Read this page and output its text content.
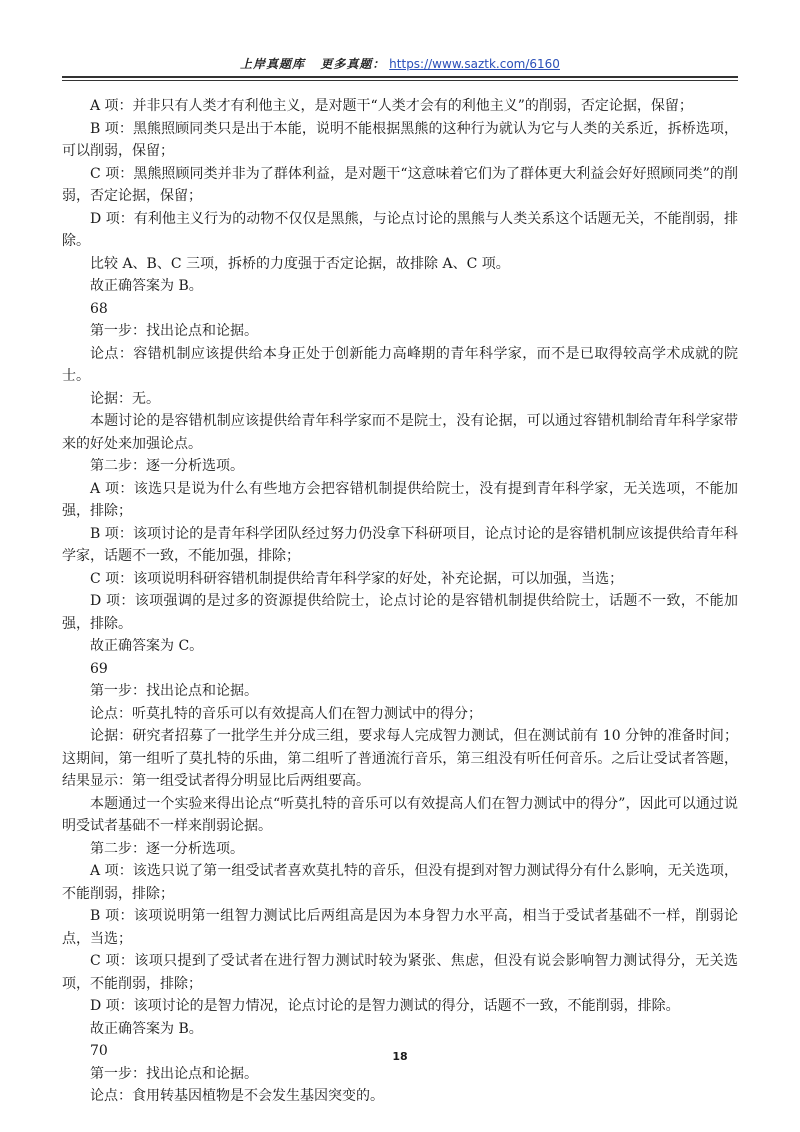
上岸真题库 更多真题： https://www.saztk.com/6160

A 项：并非只有人类才有利他主义，是对题干“人类才会有的利他主义”的削弱，否定论据，保留；

B 项：黑熊照顾同类只是出于本能，说明不能根据黑熊的这种行为就认为它与人类的关系近，拆桥选项，可以削弱，保留；

C 项：黑熊照顾同类并非为了群体利益，是对题干“这意味着它们为了群体更大利益会好好照顾同类”的削弱，否定论据，保留；

D 项：有利他主义行为的动物不仅仅是黑熊，与论点讨论的黑熊与人类关系这个话题无关，不能削弱，排除。

比较 A、B、C 三项，拆桥的力度强于否定论据，故排除 A、C 项。

故正确答案为 B。

68

第一步：找出论点和论据。

论点：容错机制应该提供给本身正处于创新能力高峰期的青年科学家，而不是已取得较高学术成就的院士。

论据：无。

本题讨论的是容错机制应该提供给青年科学家而不是院士，没有论据，可以通过容错机制给青年科学家带来的好处来加强论点。

第二步：逐一分析选项。

A 项：该选只是说为什么有些地方会把容错机制提供给院士，没有提到青年科学家，无关选项，不能加强，排除；

B 项：该项讨论的是青年科学团队经过努力仍没拿下科研项目，论点讨论的是容错机制应该提供给青年科学家，话题不一致，不能加强，排除；

C 项：该项说明科研容错机制提供给青年科学家的好处，补充论据，可以加强，当选；

D 项：该项强调的是过多的资源提供给院士，论点讨论的是容错机制提供给院士，话题不一致，不能加强，排除。

故正确答案为 C。

69

第一步：找出论点和论据。

论点：听莫扎特的音乐可以有效提高人们在智力测试中的得分；

论据：研究者招募了一批学生并分成三组，要求每人完成智力测试，但在测试前有 10 分钟的准备时间；这期间，第一组听了莫扎特的乐曲，第二组听了普通流行音乐，第三组没有听任何音乐。之后让受试者答题，结果显示：第一组受试者得分明显比后两组要高。

本题通过一个实验来得出论点“听莫扎特的音乐可以有效提高人们在智力测试中的得分”，因此可以通过说明受试者基础不一样来削弱论据。

第二步：逐一分析选项。

A 项：该选只说了第一组受试者喜欢莫扎特的音乐，但没有提到对智力测试得分有什么影响，无关选项，不能削弱，排除；

B 项：该项说明第一组智力测试比后两组高是因为本身智力水平高，相当于受试者基础不一样，削弱论点，当选；

C 项：该项只提到了受试者在进行智力测试时较为紧张、焦虑，但没有说会影响智力测试得分，无关选项，不能削弱，排除；

D 项：该项讨论的是智力情况，论点讨论的是智力测试的得分，话题不一致，不能削弱，排除。

故正确答案为 B。

70

第一步：找出论点和论据。

论点：食用转基因植物是不会发生基因突变的。

18
